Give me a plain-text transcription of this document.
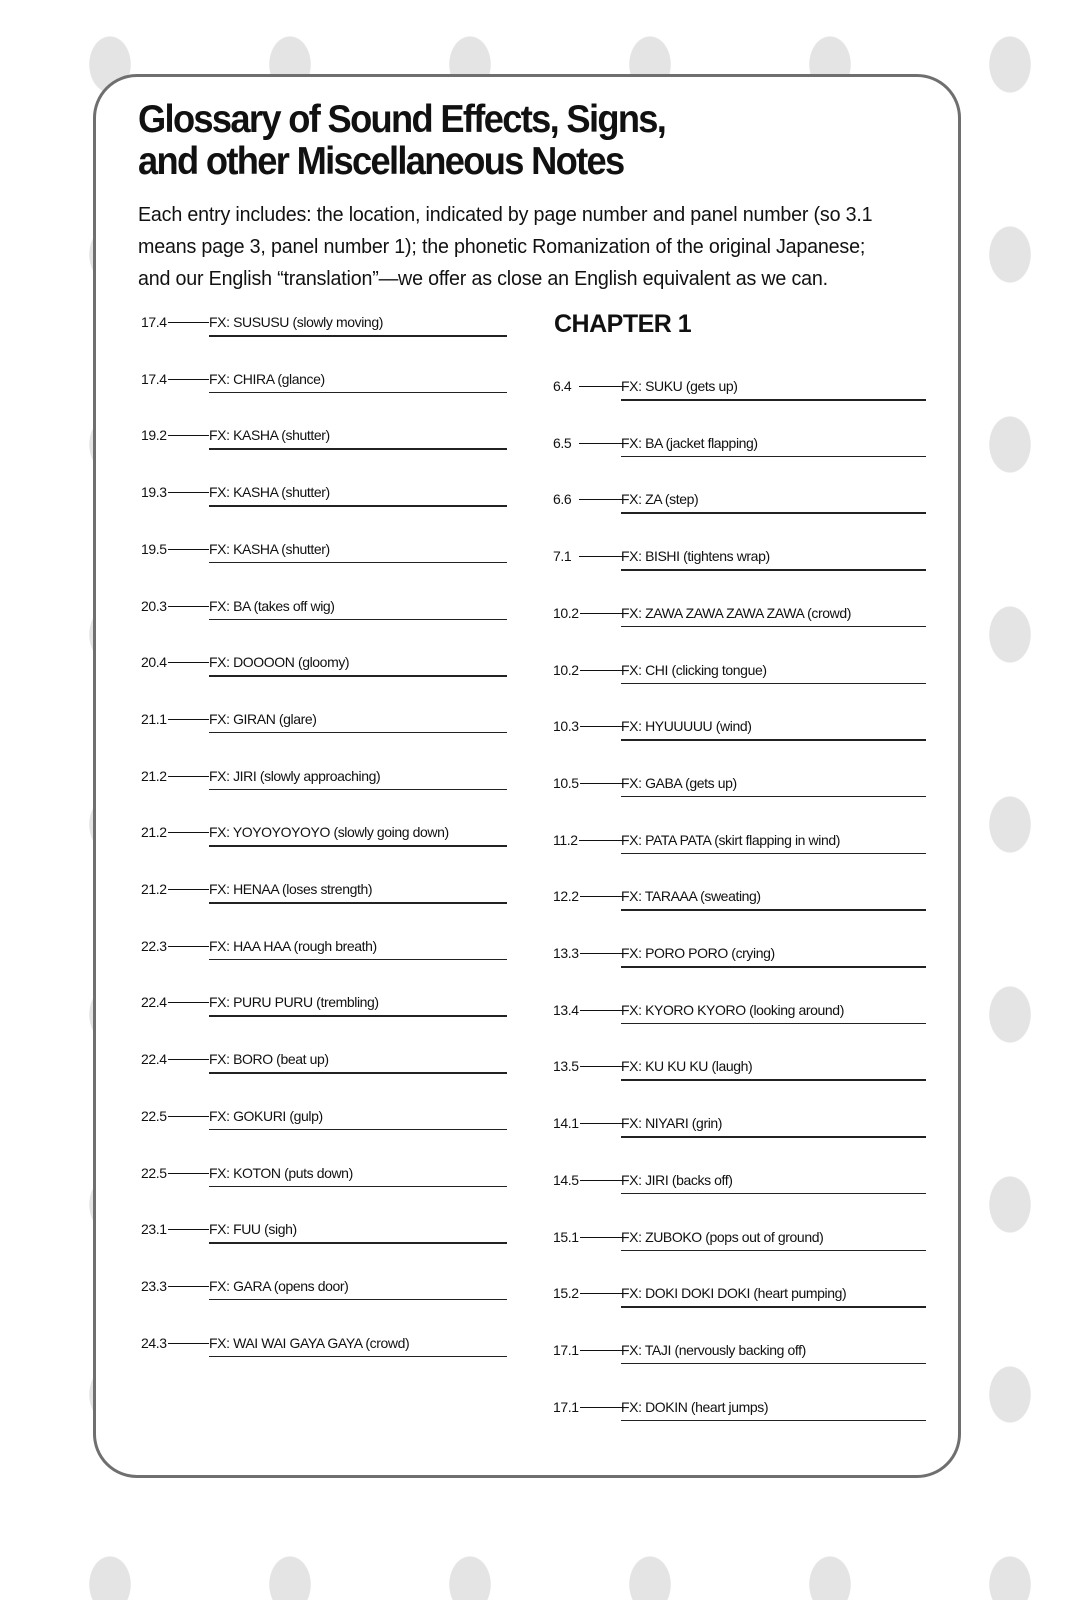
Glossary of Sound Effects, Signs,
and other Miscellaneous Notes

Each entry includes: the location, indicated by page number and panel number (so 3.1 means page 3, panel number 1); the phonetic Romanization of the original Japanese; and our English “translation”—we offer as close an English equivalent as we can.

CHAPTER 1
17.4	FX: SUSUSU (slowly moving)
17.4	FX: CHIRA (glance)
19.2	FX: KASHA (shutter)
19.3	FX: KASHA (shutter)
19.5	FX: KASHA (shutter)
20.3	FX: BA (takes off wig)
20.4	FX: DOOOON (gloomy)
21.1	FX: GIRAN (glare)
21.2	FX: JIRI (slowly approaching)
21.2	FX: YOYOYOYOYO (slowly going down)
21.2	FX: HENAA (loses strength)
22.3	FX: HAA HAA (rough breath)
22.4	FX: PURU PURU (trembling)
22.4	FX: BORO (beat up)
22.5	FX: GOKURI (gulp)
22.5	FX: KOTON (puts down)
23.1	FX: FUU (sigh)
23.3	FX: GARA (opens door)
24.3	FX: WAI WAI GAYA GAYA (crowd)
6.4	FX: SUKU (gets up)
6.5	FX: BA (jacket flapping)
6.6	FX: ZA (step)
7.1	FX: BISHI (tightens wrap)
10.2	FX: ZAWA ZAWA ZAWA ZAWA (crowd)
10.2	FX: CHI (clicking tongue)
10.3	FX: HYUUUUU (wind)
10.5	FX: GABA (gets up)
11.2	FX: PATA PATA (skirt flapping in wind)
12.2	FX: TARAAA (sweating)
13.3	FX: PORO PORO (crying)
13.4	FX: KYORO KYORO (looking around)
13.5	FX: KU KU KU (laugh)
14.1	FX: NIYARI (grin)
14.5	FX: JIRI (backs off)
15.1	FX: ZUBOKO (pops out of ground)
15.2	FX: DOKI DOKI DOKI (heart pumping)
17.1	FX: TAJI (nervously backing off)
17.1	FX: DOKIN (heart jumps)
